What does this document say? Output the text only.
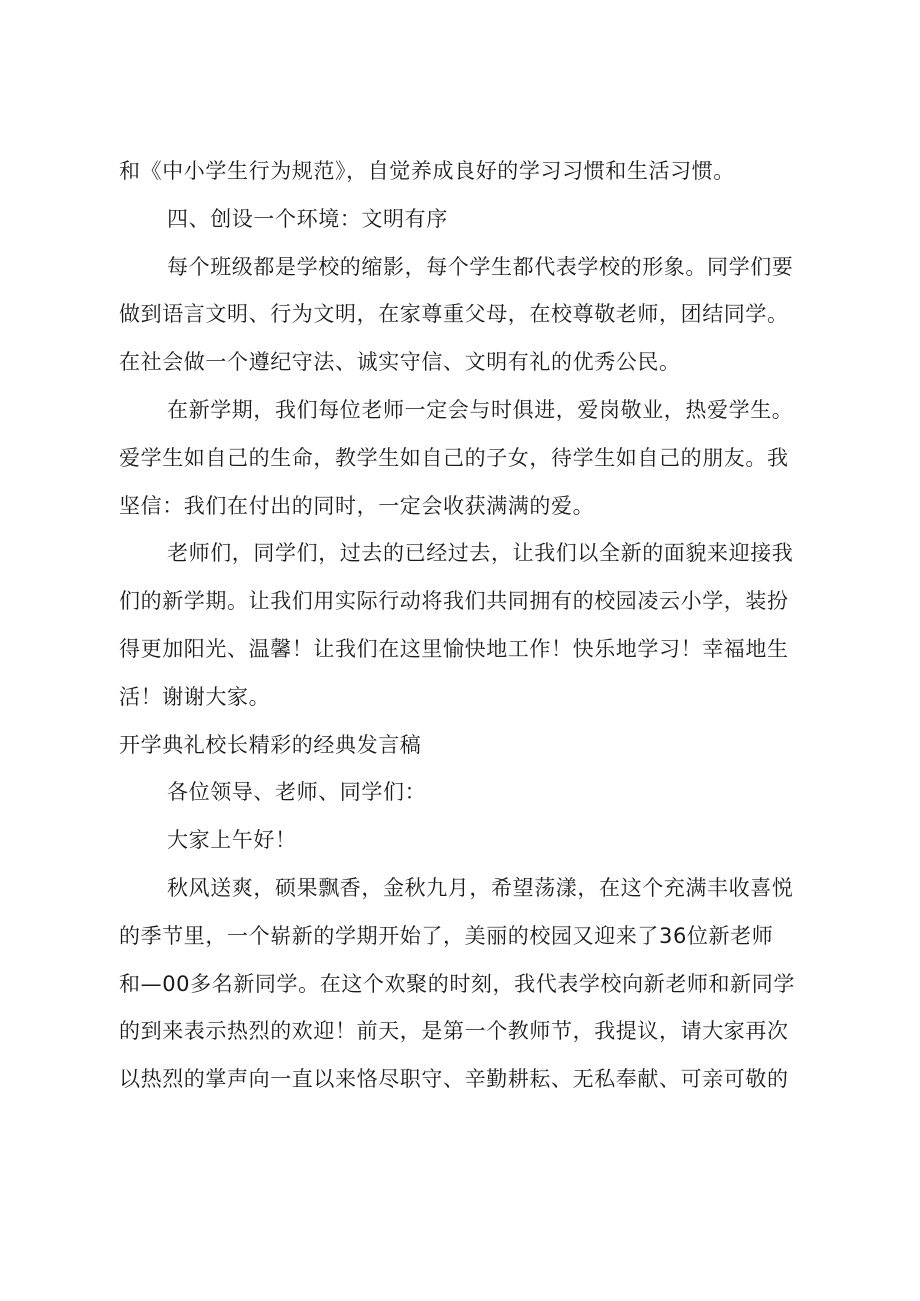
和《中小学生行为规范》，自觉养成良好的学习习惯和生活习惯。
四、创设一个环境：文明有序
每个班级都是学校的缩影，每个学生都代表学校的形象。同学们要
做到语言文明、行为文明，在家尊重父母，在校尊敬老师，团结同学。
在社会做一个遵纪守法、诚实守信、文明有礼的优秀公民。
在新学期，我们每位老师一定会与时俱进，爱岗敬业，热爱学生。
爱学生如自己的生命，教学生如自己的子女，待学生如自己的朋友。我
坚信：我们在付出的同时，一定会收获满满的爱。
老师们，同学们，过去的已经过去，让我们以全新的面貌来迎接我
们的新学期。让我们用实际行动将我们共同拥有的校园凌云小学，装扮
得更加阳光、温馨！让我们在这里愉快地工作！快乐地学习！幸福地生
活！谢谢大家。
开学典礼校长精彩的经典发言稿
各位领导、老师、同学们：
大家上午好！
秋风送爽，硕果飘香，金秋九月，希望荡漾，在这个充满丰收喜悦
的季节里，一个崭新的学期开始了，美丽的校园又迎来了36位新老师
和—00多名新同学。在这个欢聚的时刻，我代表学校向新老师和新同学
的到来表示热烈的欢迎！前天，是第一个教师节，我提议，请大家再次
以热烈的掌声向一直以来恪尽职守、辛勤耕耘、无私奉献、可亲可敬的
